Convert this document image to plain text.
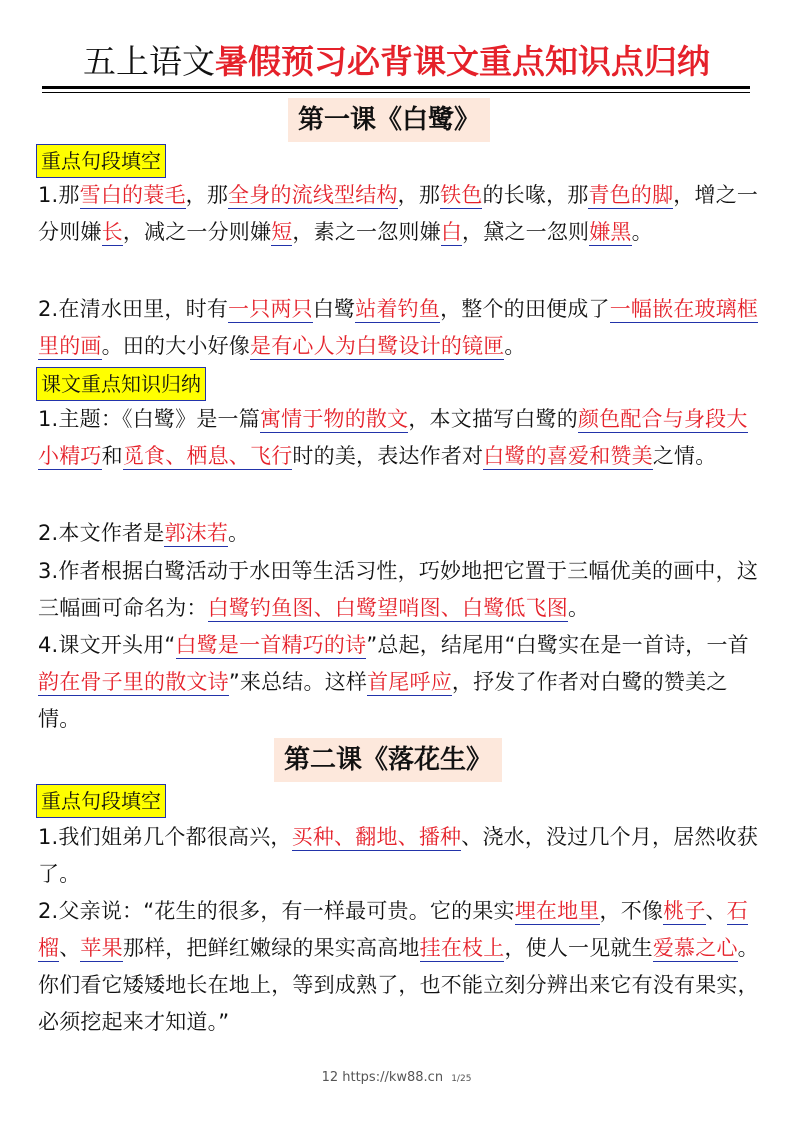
五上语文暑假预习必背课文重点知识点归纳
第一课《白鹭》
重点句段填空
1.那雪白的蓑毛，那全身的流线型结构，那铁色的长喙，那青色的脚，增之一分则嫌长，减之一分则嫌短，素之一忽则嫌白，黛之一忽则嫌黑。
2.在清水田里，时有一只两只白鹭站着钓鱼，整个的田便成了一幅嵌在玻璃框里的画。田的大小好像是有心人为白鹭设计的镜匣。
课文重点知识归纳
1.主题：《白鹭》是一篇寓情于物的散文，本文描写白鹭的颜色配合与身段大小精巧和觅食、栖息、飞行时的美，表达作者对白鹭的喜爱和赞美之情。
2.本文作者是郭沫若。
3.作者根据白鹭活动于水田等生活习性，巧妙地把它置于三幅优美的画中，这三幅画可命名为：白鹭钓鱼图、白鹭望哨图、白鹭低飞图。
4.课文开头用“白鹭是一首精巧的诗”总起，结尾用“白鹭实在是一首诗，一首韵在骨子里的散文诗”来总结。这样首尾呼应，抒发了作者对白鹭的赞美之情。
第二课《落花生》
重点句段填空
1.我们姐弟几个都很高兴，买种、翻地、播种、浇水，没过几个月，居然收获了。
2.父亲说：“花生的很多，有一样最可贵。它的果实埋在地里，不像桃子、石榴、苹果那样，把鲜红嫩绿的果实高高地挂在枝上，使人一见就生爱慕之心。你们看它矮矮地长在地上，等到成熟了，也不能立刻分辨出来它有没有果实，必须挖起来才知道。”
12 https://kw88.cn 1/25
